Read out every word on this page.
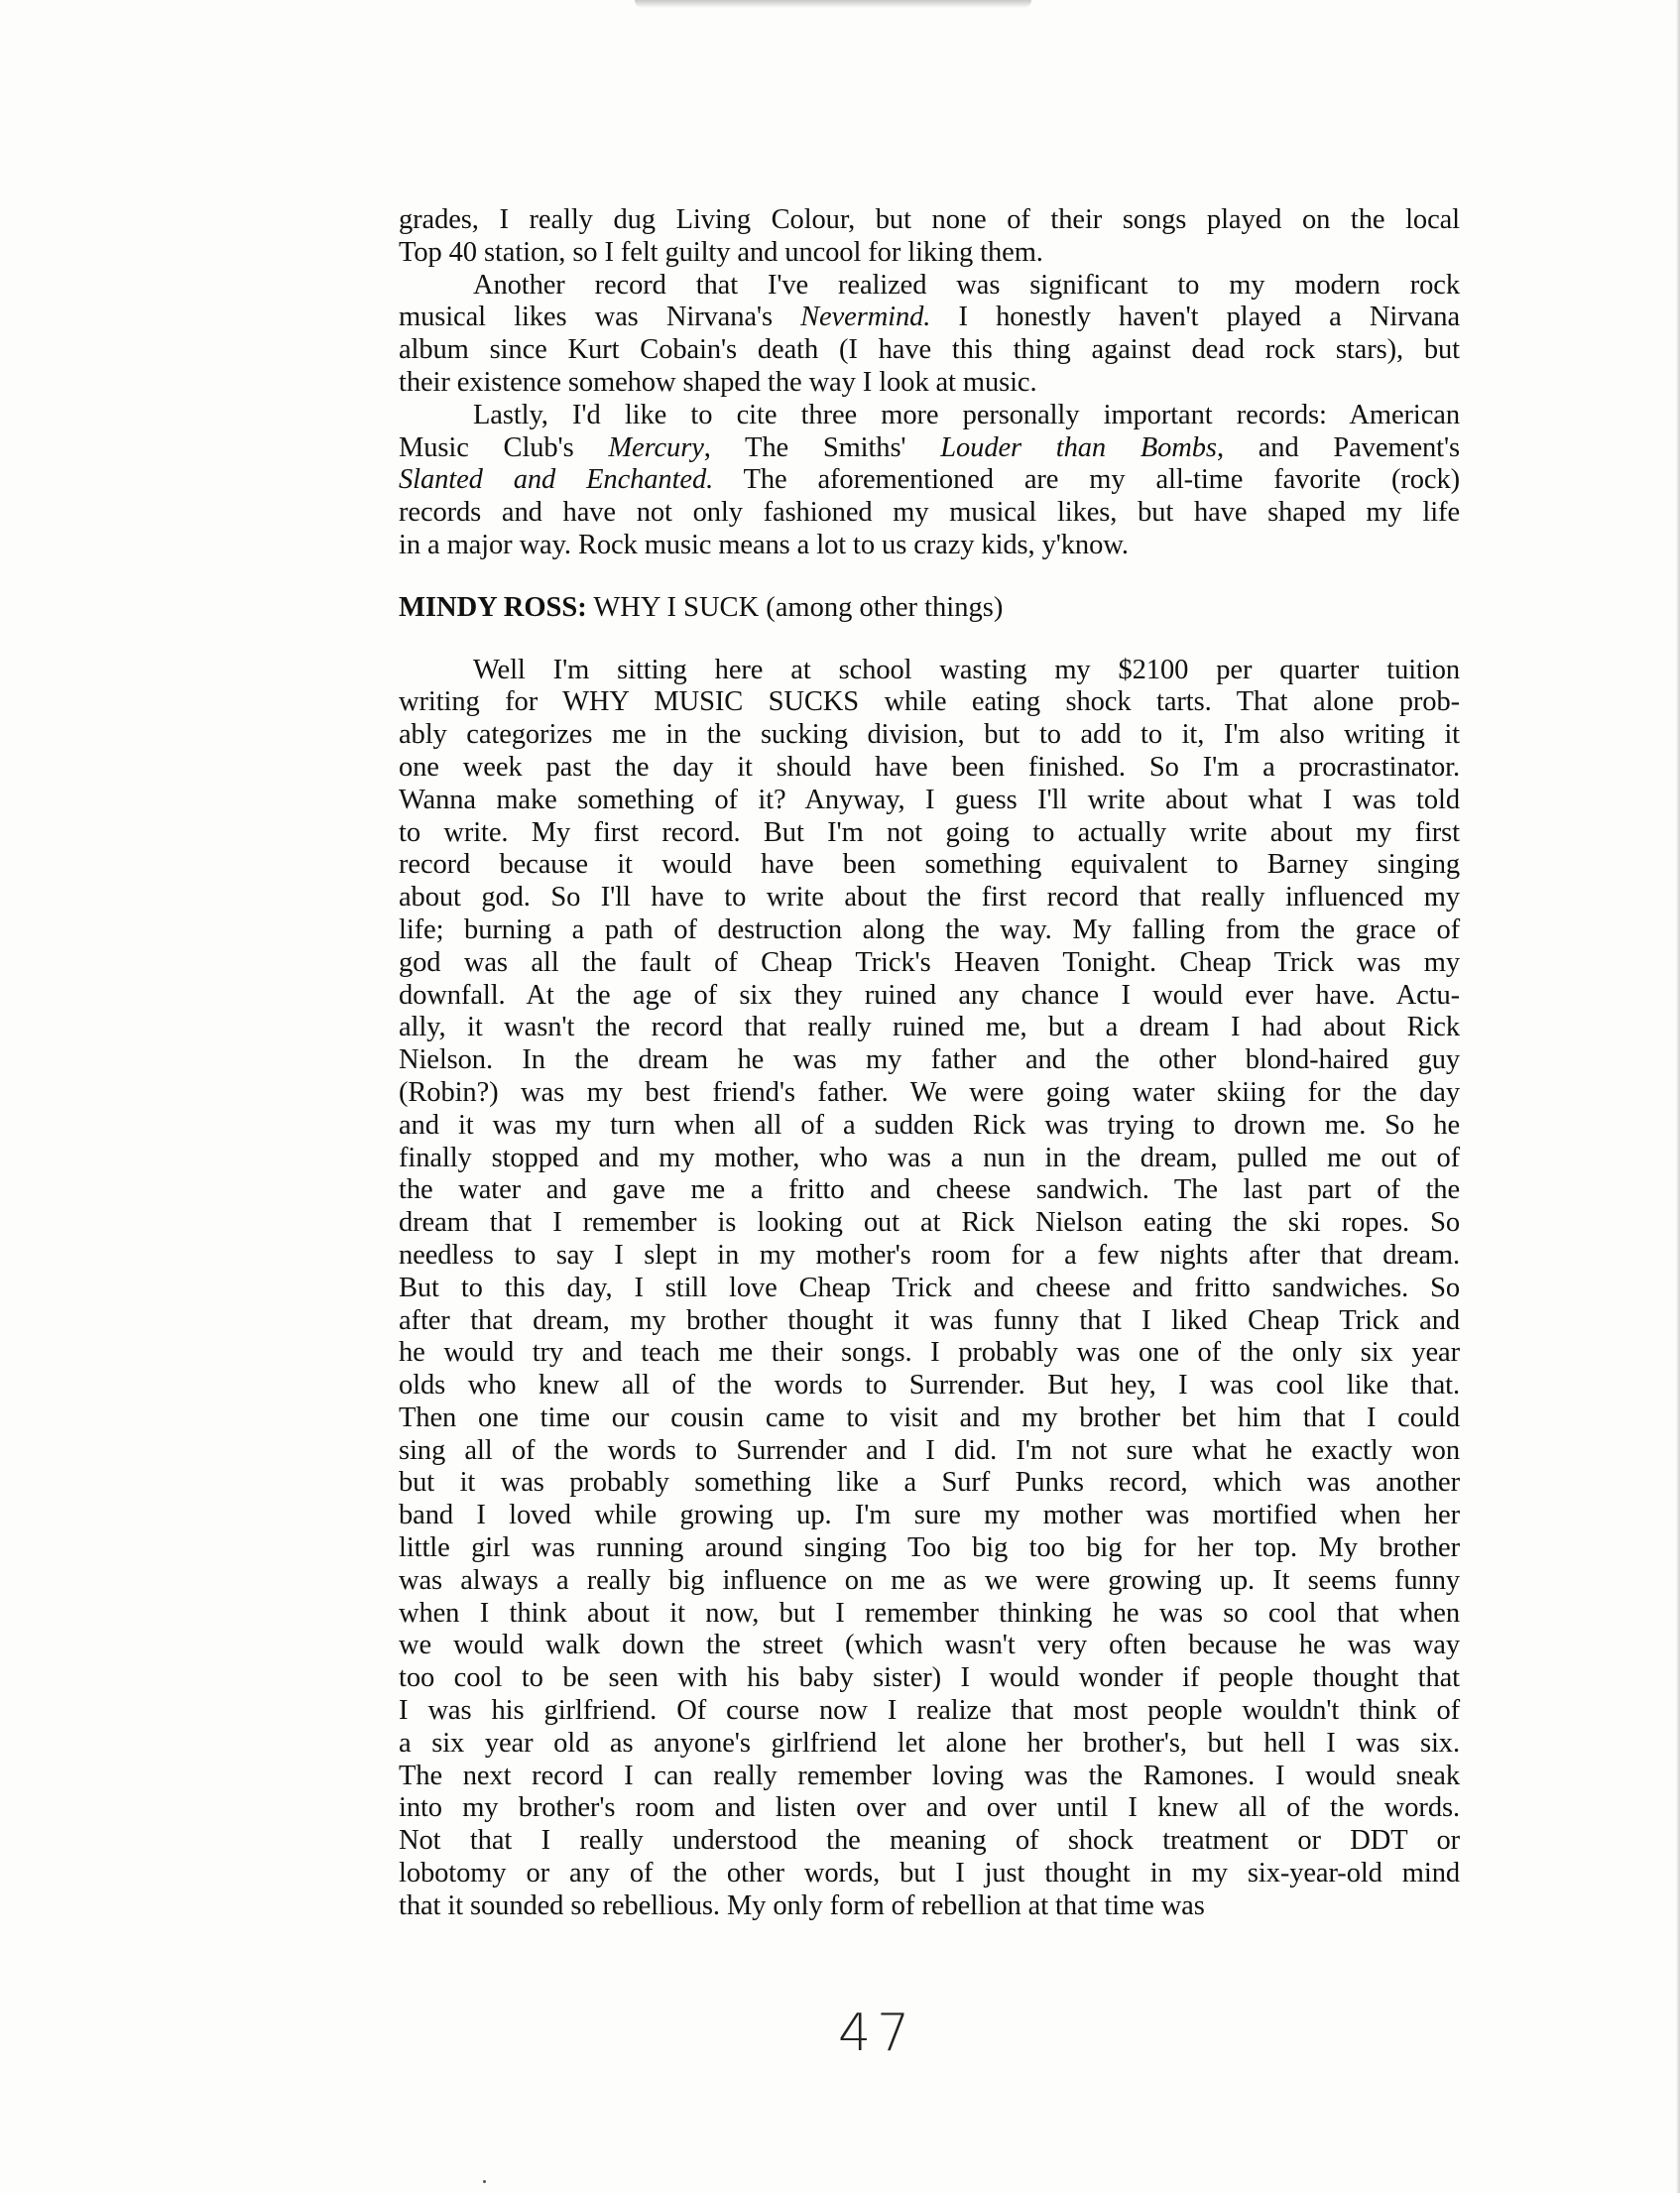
grades, I really dug Living Colour, but none of their songs played on the local
Top 40 station, so I felt guilty and uncool for liking them.
Another record that I've realized was significant to my modern rock
musical likes was Nirvana's Nevermind. I honestly haven't played a Nirvana
album since Kurt Cobain's death (I have this thing against dead rock stars), but
their existence somehow shaped the way I look at music.
Lastly, I'd like to cite three more personally important records: American
Music Club's Mercury, The Smiths' Louder than Bombs, and Pavement's
Slanted and Enchanted. The aforementioned are my all-time favorite (rock)
records and have not only fashioned my musical likes, but have shaped my life
in a major way. Rock music means a lot to us crazy kids, y'know.
MINDY ROSS: WHY I SUCK (among other things)
Well I'm sitting here at school wasting my $2100 per quarter tuition
writing for WHY MUSIC SUCKS while eating shock tarts. That alone prob-
ably categorizes me in the sucking division, but to add to it, I'm also writing it
one week past the day it should have been finished. So I'm a procrastinator.
Wanna make something of it? Anyway, I guess I'll write about what I was told
to write. My first record. But I'm not going to actually write about my first
record because it would have been something equivalent to Barney singing
about god. So I'll have to write about the first record that really influenced my
life; burning a path of destruction along the way. My falling from the grace of
god was all the fault of Cheap Trick's Heaven Tonight. Cheap Trick was my
downfall. At the age of six they ruined any chance I would ever have. Actu-
ally, it wasn't the record that really ruined me, but a dream I had about Rick
Nielson. In the dream he was my father and the other blond-haired guy
(Robin?) was my best friend's father. We were going water skiing for the day
and it was my turn when all of a sudden Rick was trying to drown me. So he
finally stopped and my mother, who was a nun in the dream, pulled me out of
the water and gave me a fritto and cheese sandwich. The last part of the
dream that I remember is looking out at Rick Nielson eating the ski ropes. So
needless to say I slept in my mother's room for a few nights after that dream.
But to this day, I still love Cheap Trick and cheese and fritto sandwiches. So
after that dream, my brother thought it was funny that I liked Cheap Trick and
he would try and teach me their songs. I probably was one of the only six year
olds who knew all of the words to Surrender. But hey, I was cool like that.
Then one time our cousin came to visit and my brother bet him that I could
sing all of the words to Surrender and I did. I'm not sure what he exactly won
but it was probably something like a Surf Punks record, which was another
band I loved while growing up. I'm sure my mother was mortified when her
little girl was running around singing Too big too big for her top. My brother
was always a really big influence on me as we were growing up. It seems funny
when I think about it now, but I remember thinking he was so cool that when
we would walk down the street (which wasn't very often because he was way
too cool to be seen with his baby sister) I would wonder if people thought that
I was his girlfriend. Of course now I realize that most people wouldn't think of
a six year old as anyone's girlfriend let alone her brother's, but hell I was six.
The next record I can really remember loving was the Ramones. I would sneak
into my brother's room and listen over and over until I knew all of the words.
Not that I really understood the meaning of shock treatment or DDT or
lobotomy or any of the other words, but I just thought in my six-year-old mind
that it sounded so rebellious. My only form of rebellion at that time was
47
